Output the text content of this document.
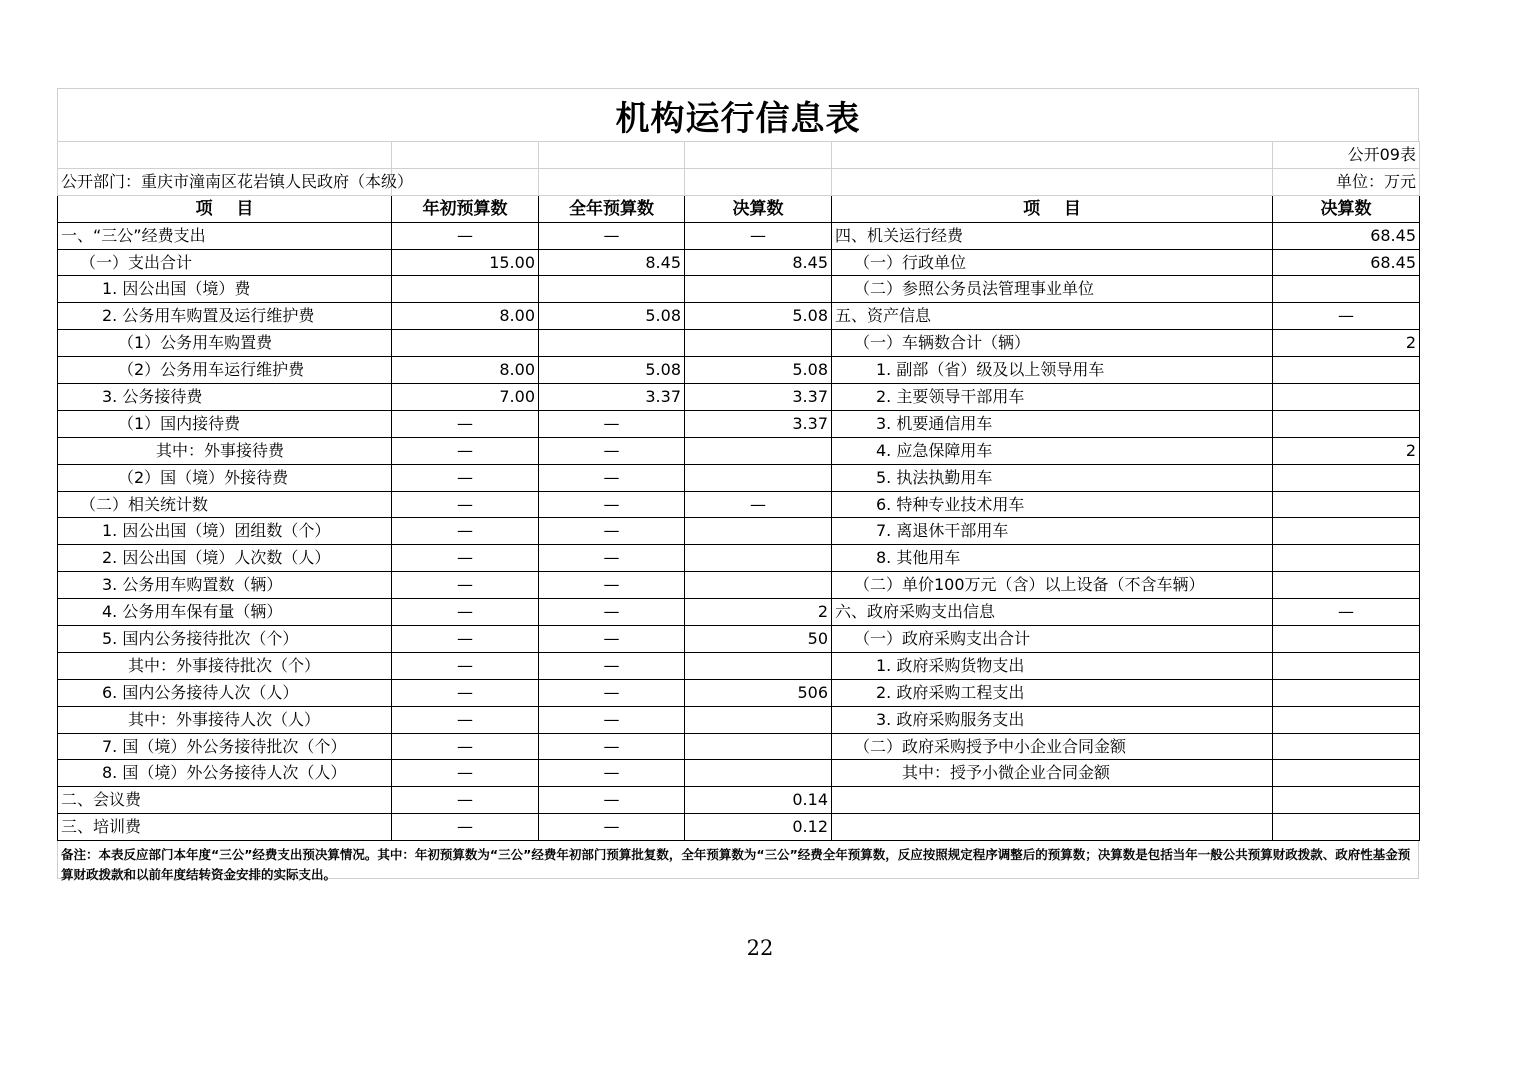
机构运行信息表
					公开09表
公开部门：重庆市潼南区花岩镇人民政府（本级）					单位：万元
项    目	年初预算数	全年预算数	决算数	项    目	决算数
一、“三公”经费支出	—	—	—	四、机关运行经费	68.45
（一）支出合计	15.00	8.45	8.45	（一）行政单位	68.45
1. 因公出国（境）费				（二）参照公务员法管理事业单位	
2. 公务用车购置及运行维护费	8.00	5.08	5.08	五、资产信息	—
（1）公务用车购置费				（一）车辆数合计（辆）	2
（2）公务用车运行维护费	8.00	5.08	5.08	1. 副部（省）级及以上领导用车	
3. 公务接待费	7.00	3.37	3.37	2. 主要领导干部用车	
（1）国内接待费	—	—	3.37	3. 机要通信用车	
其中：外事接待费	—	—		4. 应急保障用车	2
（2）国（境）外接待费	—	—		5. 执法执勤用车	
（二）相关统计数	—	—	—	6. 特种专业技术用车	
1. 因公出国（境）团组数（个）	—	—		7. 离退休干部用车	
2. 因公出国（境）人次数（人）	—	—		8. 其他用车	
3. 公务用车购置数（辆）	—	—		（二）单价100万元（含）以上设备（不含车辆）	
4. 公务用车保有量（辆）	—	—	2	六、政府采购支出信息	—
5. 国内公务接待批次（个）	—	—	50	（一）政府采购支出合计	
其中：外事接待批次（个）	—	—		1. 政府采购货物支出	
6. 国内公务接待人次（人）	—	—	506	2. 政府采购工程支出	
其中：外事接待人次（人）	—	—		3. 政府采购服务支出	
7. 国（境）外公务接待批次（个）	—	—		（二）政府采购授予中小企业合同金额	
8. 国（境）外公务接待人次（人）	—	—		其中：授予小微企业合同金额	
二、会议费	—	—	0.14		
三、培训费	—	—	0.12		
备注：本表反应部门本年度“三公”经费支出预决算情况。其中：年初预算数为“三公”经费年初部门预算批复数，全年预算数为“三公”经费全年预算数，反应按照规定程序调整后的预算数；决算数是包括当年一般公共预算财政拨款、政府性基金预算财政拨款和以前年度结转资金安排的实际支出。
22
